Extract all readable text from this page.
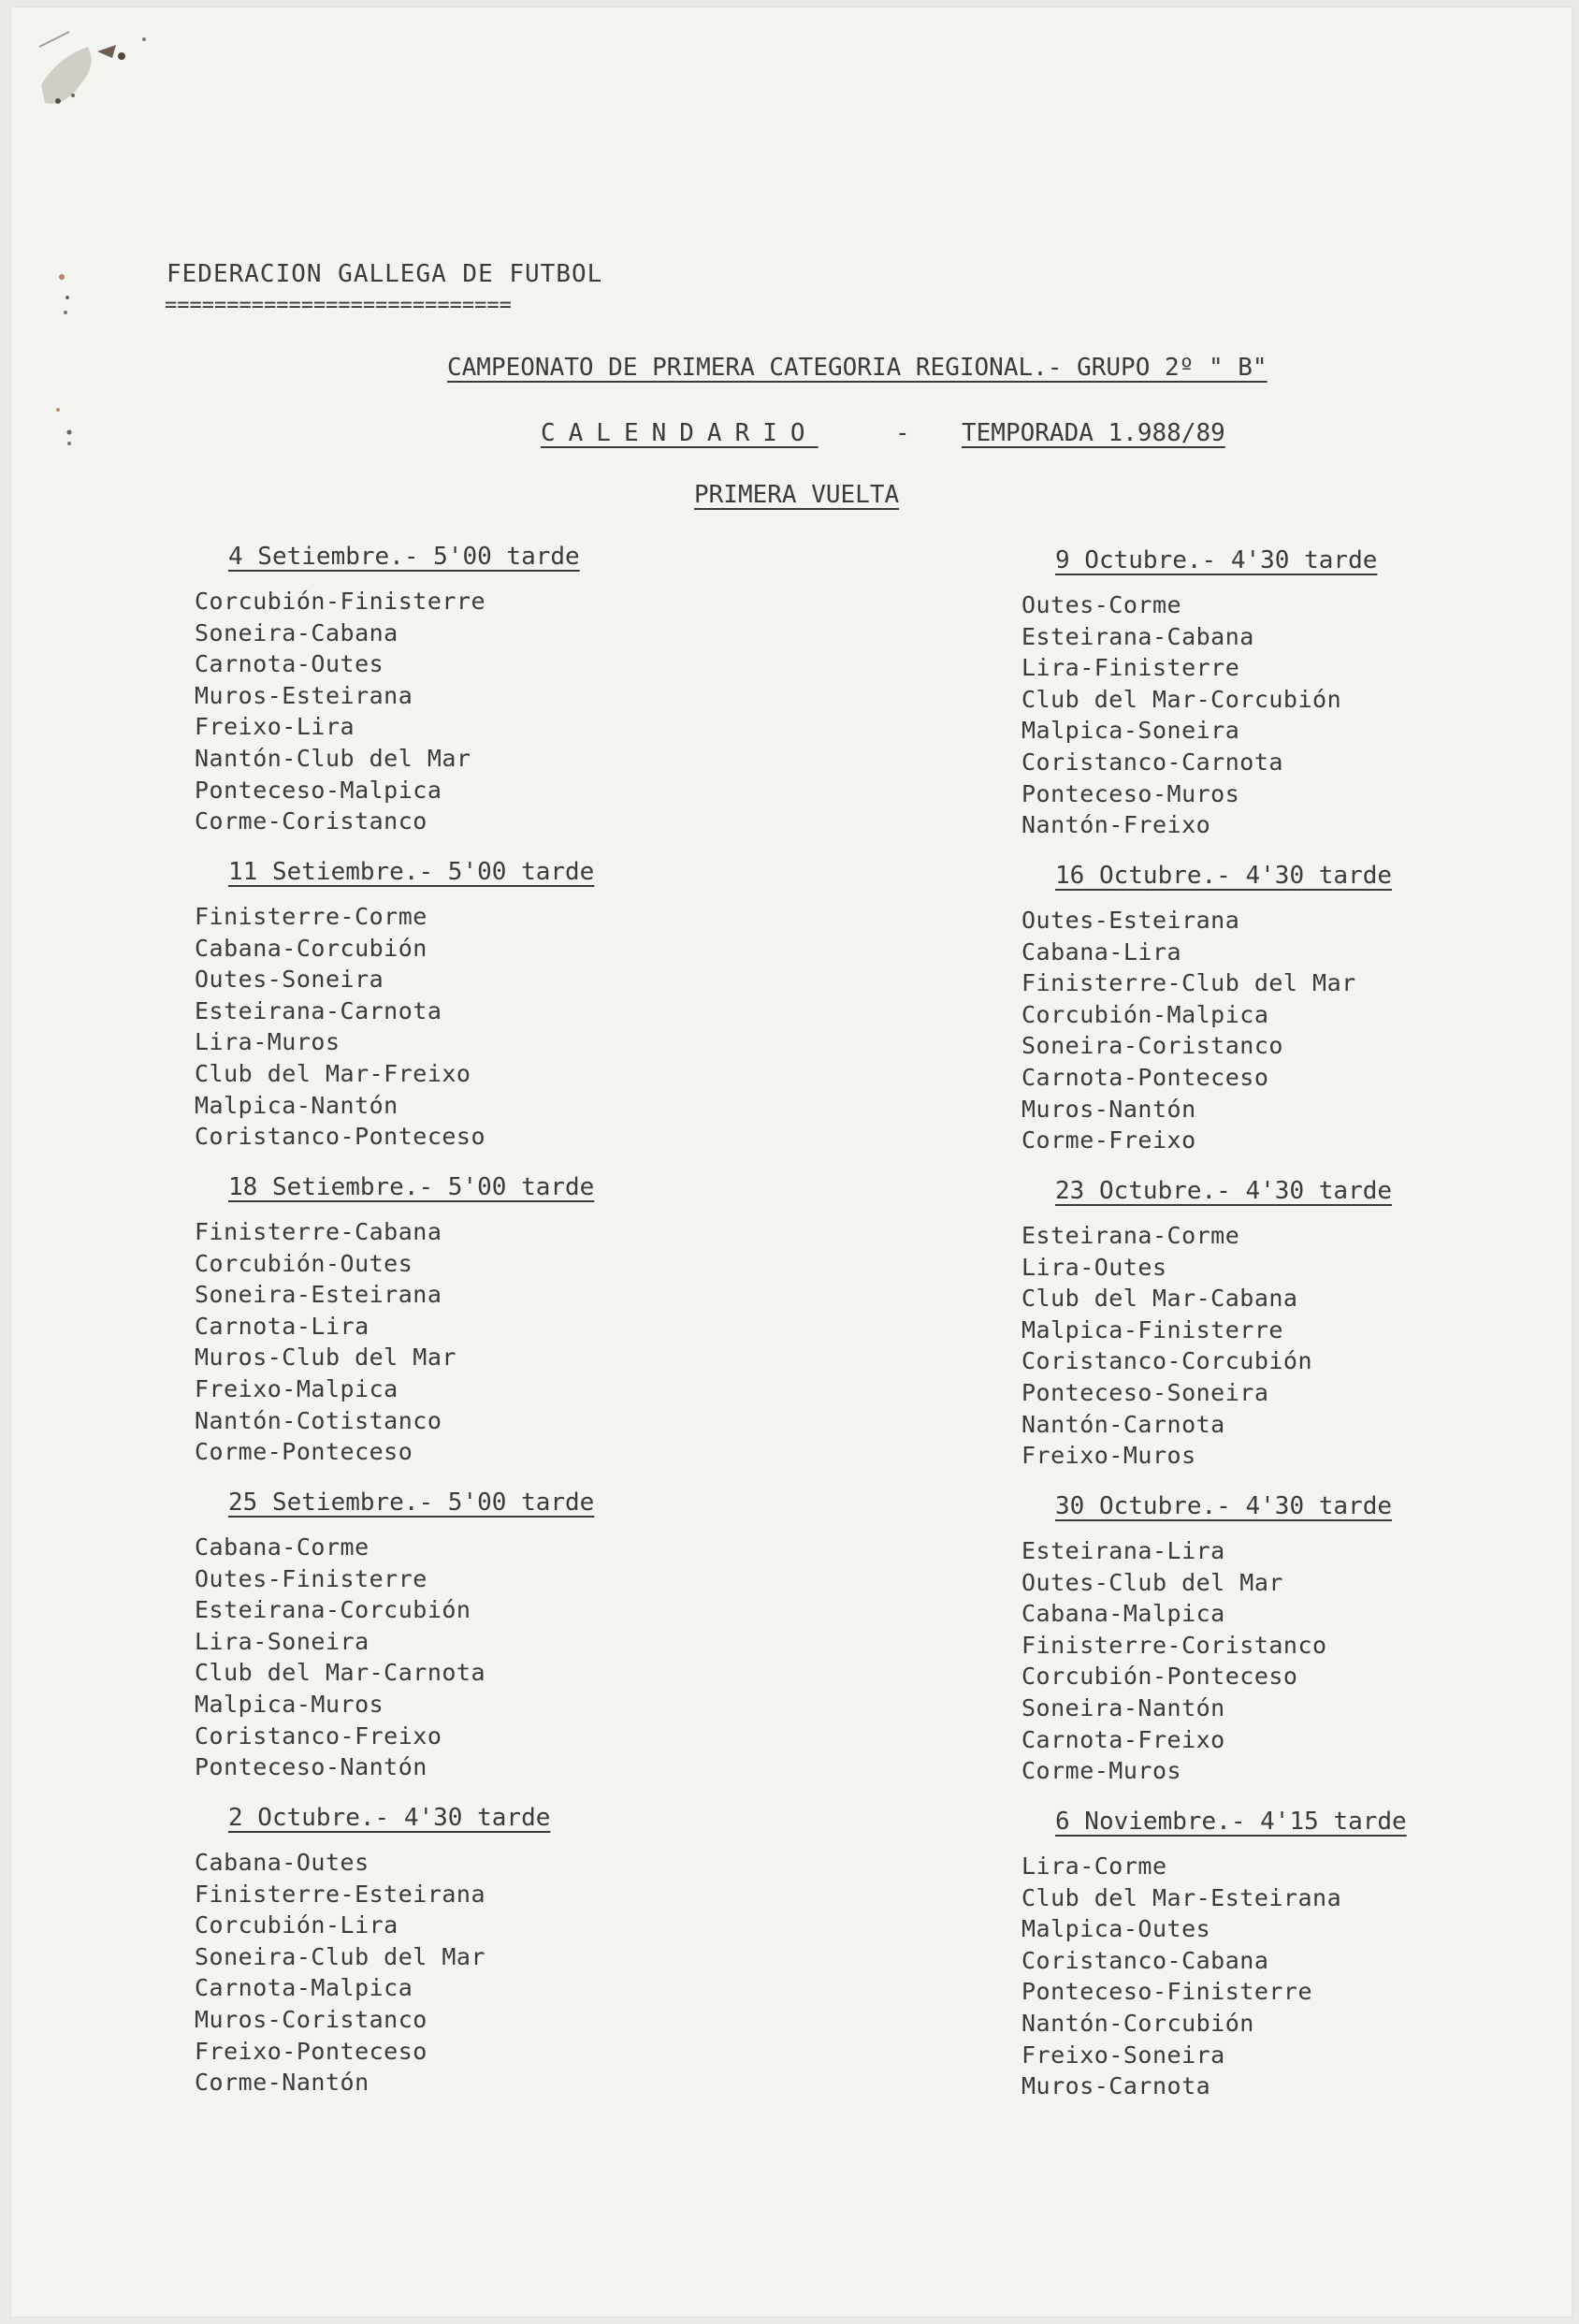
FEDERACION GALLEGA DE FUTBOL
============================
CAMPEONATO DE PRIMERA CATEGORIA REGIONAL.- GRUPO 2º " B"
CALENDARIO	- TEMPORADA 1.988/89
PRIMERA VUELTA
4 Setiembre.- 5'00 tarde
Corcubión-Finisterre
Soneira-Cabana
Carnota-Outes
Muros-Esteirana
Freixo-Lira
Nantón-Club del Mar
Ponteceso-Malpica
Corme-Coristanco
11 Setiembre.- 5'00 tarde
Finisterre-Corme
Cabana-Corcubión
Outes-Soneira
Esteirana-Carnota
Lira-Muros
Club del Mar-Freixo
Malpica-Nantón
Coristanco-Ponteceso
18 Setiembre.- 5'00 tarde
Finisterre-Cabana
Corcubión-Outes
Soneira-Esteirana
Carnota-Lira
Muros-Club del Mar
Freixo-Malpica
Nantón-Cotistanco
Corme-Ponteceso
25 Setiembre.- 5'00 tarde
Cabana-Corme
Outes-Finisterre
Esteirana-Corcubión
Lira-Soneira
Club del Mar-Carnota
Malpica-Muros
Coristanco-Freixo
Ponteceso-Nantón
2 Octubre.- 4'30 tarde
Cabana-Outes
Finisterre-Esteirana
Corcubión-Lira
Soneira-Club del Mar
Carnota-Malpica
Muros-Coristanco
Freixo-Ponteceso
Corme-Nantón
9 Octubre.- 4'30 tarde
Outes-Corme
Esteirana-Cabana
Lira-Finisterre
Club del Mar-Corcubión
Malpica-Soneira
Coristanco-Carnota
Ponteceso-Muros
Nantón-Freixo
16 Octubre.- 4'30 tarde
Outes-Esteirana
Cabana-Lira
Finisterre-Club del Mar
Corcubión-Malpica
Soneira-Coristanco
Carnota-Ponteceso
Muros-Nantón
Corme-Freixo
23 Octubre.- 4'30 tarde
Esteirana-Corme
Lira-Outes
Club del Mar-Cabana
Malpica-Finisterre
Coristanco-Corcubión
Ponteceso-Soneira
Nantón-Carnota
Freixo-Muros
30 Octubre.- 4'30 tarde
Esteirana-Lira
Outes-Club del Mar
Cabana-Malpica
Finisterre-Coristanco
Corcubión-Ponteceso
Soneira-Nantón
Carnota-Freixo
Corme-Muros
6 Noviembre.- 4'15 tarde
Lira-Corme
Club del Mar-Esteirana
Malpica-Outes
Coristanco-Cabana
Ponteceso-Finisterre
Nantón-Corcubión
Freixo-Soneira
Muros-Carnota
